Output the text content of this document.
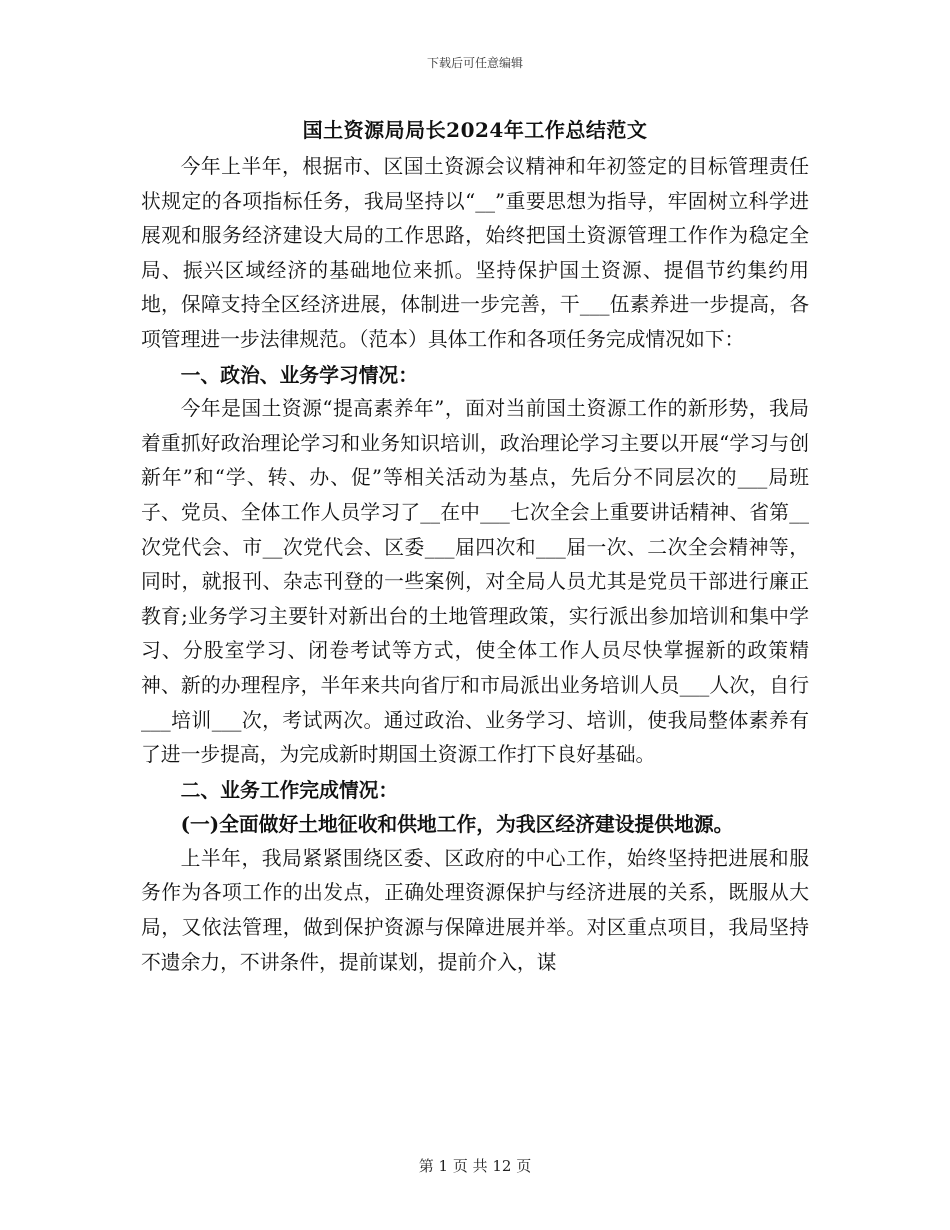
下载后可任意编辑
国土资源局局长2024年工作总结范文

今年上半年，根据市、区国土资源会议精神和年初签定的目标管理责任状规定的各项指标任务，我局坚持以“__”重要思想为指导，牢固树立科学进展观和服务经济建设大局的工作思路，始终把国土资源管理工作作为稳定全局、振兴区域经济的基础地位来抓。坚持保护国土资源、提倡节约集约用地，保障支持全区经济进展，体制进一步完善，干___伍素养进一步提高，各项管理进一步法律规范。（范本）具体工作和各项任务完成情况如下：

一、政治、业务学习情况：

今年是国土资源“提高素养年”，面对当前国土资源工作的新形势，我局着重抓好政治理论学习和业务知识培训，政治理论学习主要以开展“学习与创新年”和“学、转、办、促”等相关活动为基点，先后分不同层次的___局班子、党员、全体工作人员学习了__在中___七次全会上重要讲话精神、省第__次党代会、市__次党代会、区委___届四次和___届一次、二次全会精神等，同时，就报刊、杂志刊登的一些案例，对全局人员尤其是党员干部进行廉正教育;业务学习主要针对新出台的土地管理政策，实行派出参加培训和集中学习、分股室学习、闭卷考试等方式，使全体工作人员尽快掌握新的政策精神、新的办理程序，半年来共向省厅和市局派出业务培训人员___人次，自行___培训___次，考试两次。通过政治、业务学习、培训，使我局整体素养有了进一步提高，为完成新时期国土资源工作打下良好基础。

二、业务工作完成情况：

(一)全面做好土地征收和供地工作，为我区经济建设提供地源。

上半年，我局紧紧围绕区委、区政府的中心工作，始终坚持把进展和服务作为各项工作的出发点，正确处理资源保护与经济进展的关系，既服从大局，又依法管理，做到保护资源与保障进展并举。对区重点项目，我局坚持不遗余力，不讲条件，提前谋划，提前介入，谋

第 1 页 共 12 页
